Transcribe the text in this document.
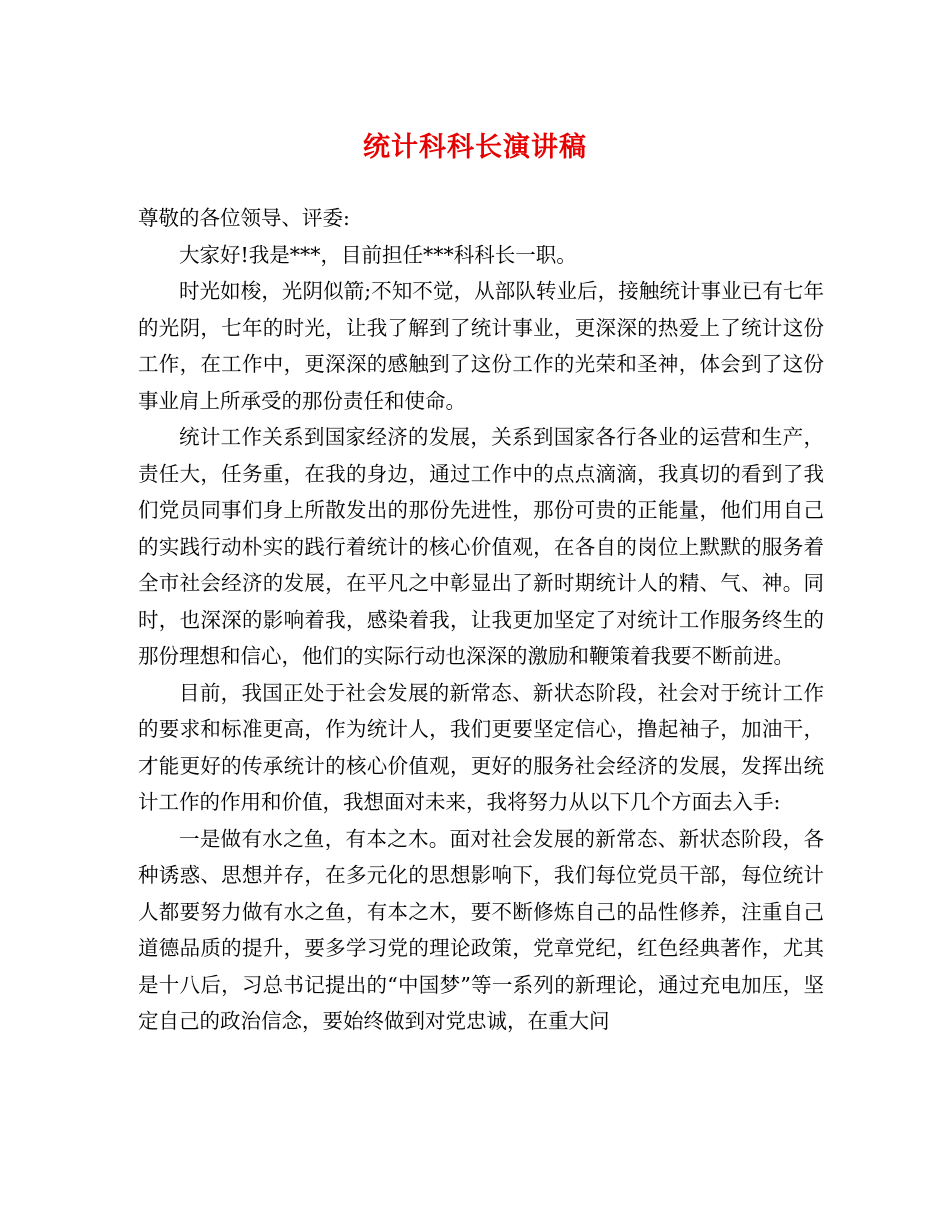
统计科科长演讲稿

尊敬的各位领导、评委:

大家好!我是***，目前担任***科科长一职。

时光如梭，光阴似箭;不知不觉，从部队转业后，接触统计事业已有七年的光阴，七年的时光，让我了解到了统计事业，更深深的热爱上了统计这份工作，在工作中，更深深的感触到了这份工作的光荣和圣神，体会到了这份事业肩上所承受的那份责任和使命。

统计工作关系到国家经济的发展，关系到国家各行各业的运营和生产，责任大，任务重，在我的身边，通过工作中的点点滴滴，我真切的看到了我们党员同事们身上所散发出的那份先进性，那份可贵的正能量，他们用自己的实践行动朴实的践行着统计的核心价值观，在各自的岗位上默默的服务着全市社会经济的发展，在平凡之中彰显出了新时期统计人的精、气、神。同时，也深深的影响着我，感染着我，让我更加坚定了对统计工作服务终生的那份理想和信心，他们的实际行动也深深的激励和鞭策着我要不断前进。

目前，我国正处于社会发展的新常态、新状态阶段，社会对于统计工作的要求和标准更高，作为统计人，我们更要坚定信心，撸起袖子，加油干，才能更好的传承统计的核心价值观，更好的服务社会经济的发展，发挥出统计工作的作用和价值，我想面对未来，我将努力从以下几个方面去入手:

一是做有水之鱼，有本之木。面对社会发展的新常态、新状态阶段，各种诱惑、思想并存，在多元化的思想影响下，我们每位党员干部，每位统计人都要努力做有水之鱼，有本之木，要不断修炼自己的品性修养，注重自己道德品质的提升，要多学习党的理论政策，党章党纪，红色经典著作，尤其是十八后，习总书记提出的“中国梦”等一系列的新理论，通过充电加压，坚定自己的政治信念，要始终做到对党忠诚，在重大问
